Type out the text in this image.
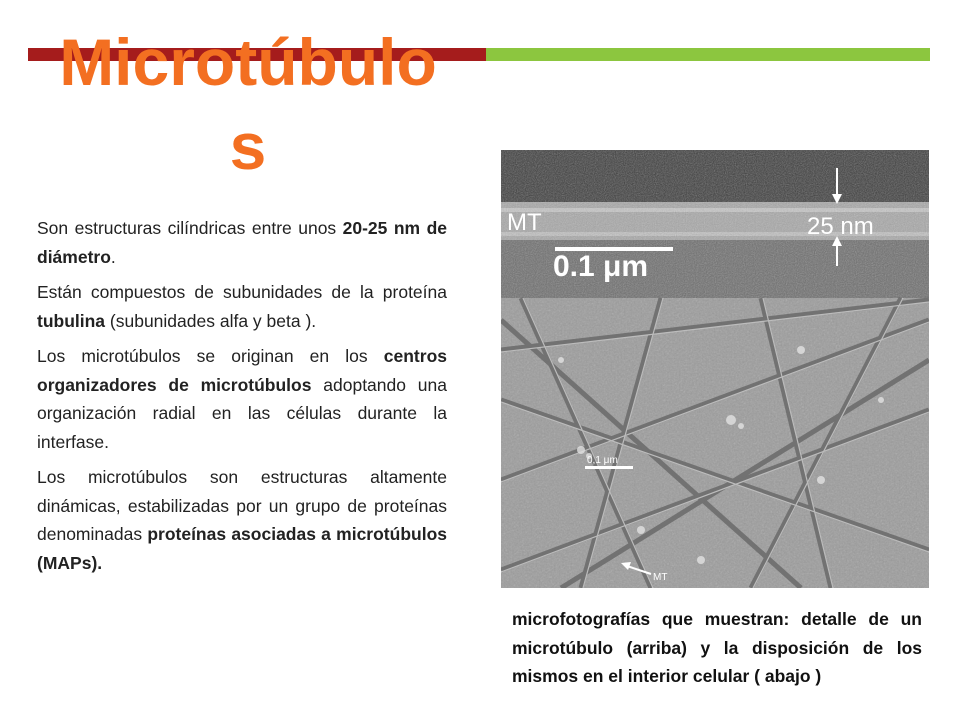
Microtúbulos

Son estructuras cilíndricas entre unos 20-25 nm de diámetro.

Están compuestos de subunidades de la proteína tubulina (subunidades alfa y beta ).

Los microtúbulos se originan en los centros organizadores de microtúbulos adoptando una organización radial en las células durante la interfase.

Los microtúbulos son estructuras altamente dinámicas, estabilizadas por un grupo de proteínas denominadas proteínas asociadas a microtúbulos (MAPs).

MT	25 nm
0.1 μm
0,1 μm
MT
microfotografías que muestran: detalle de un microtúbulo (arriba) y la disposición de los mismos en el interior celular ( abajo )
